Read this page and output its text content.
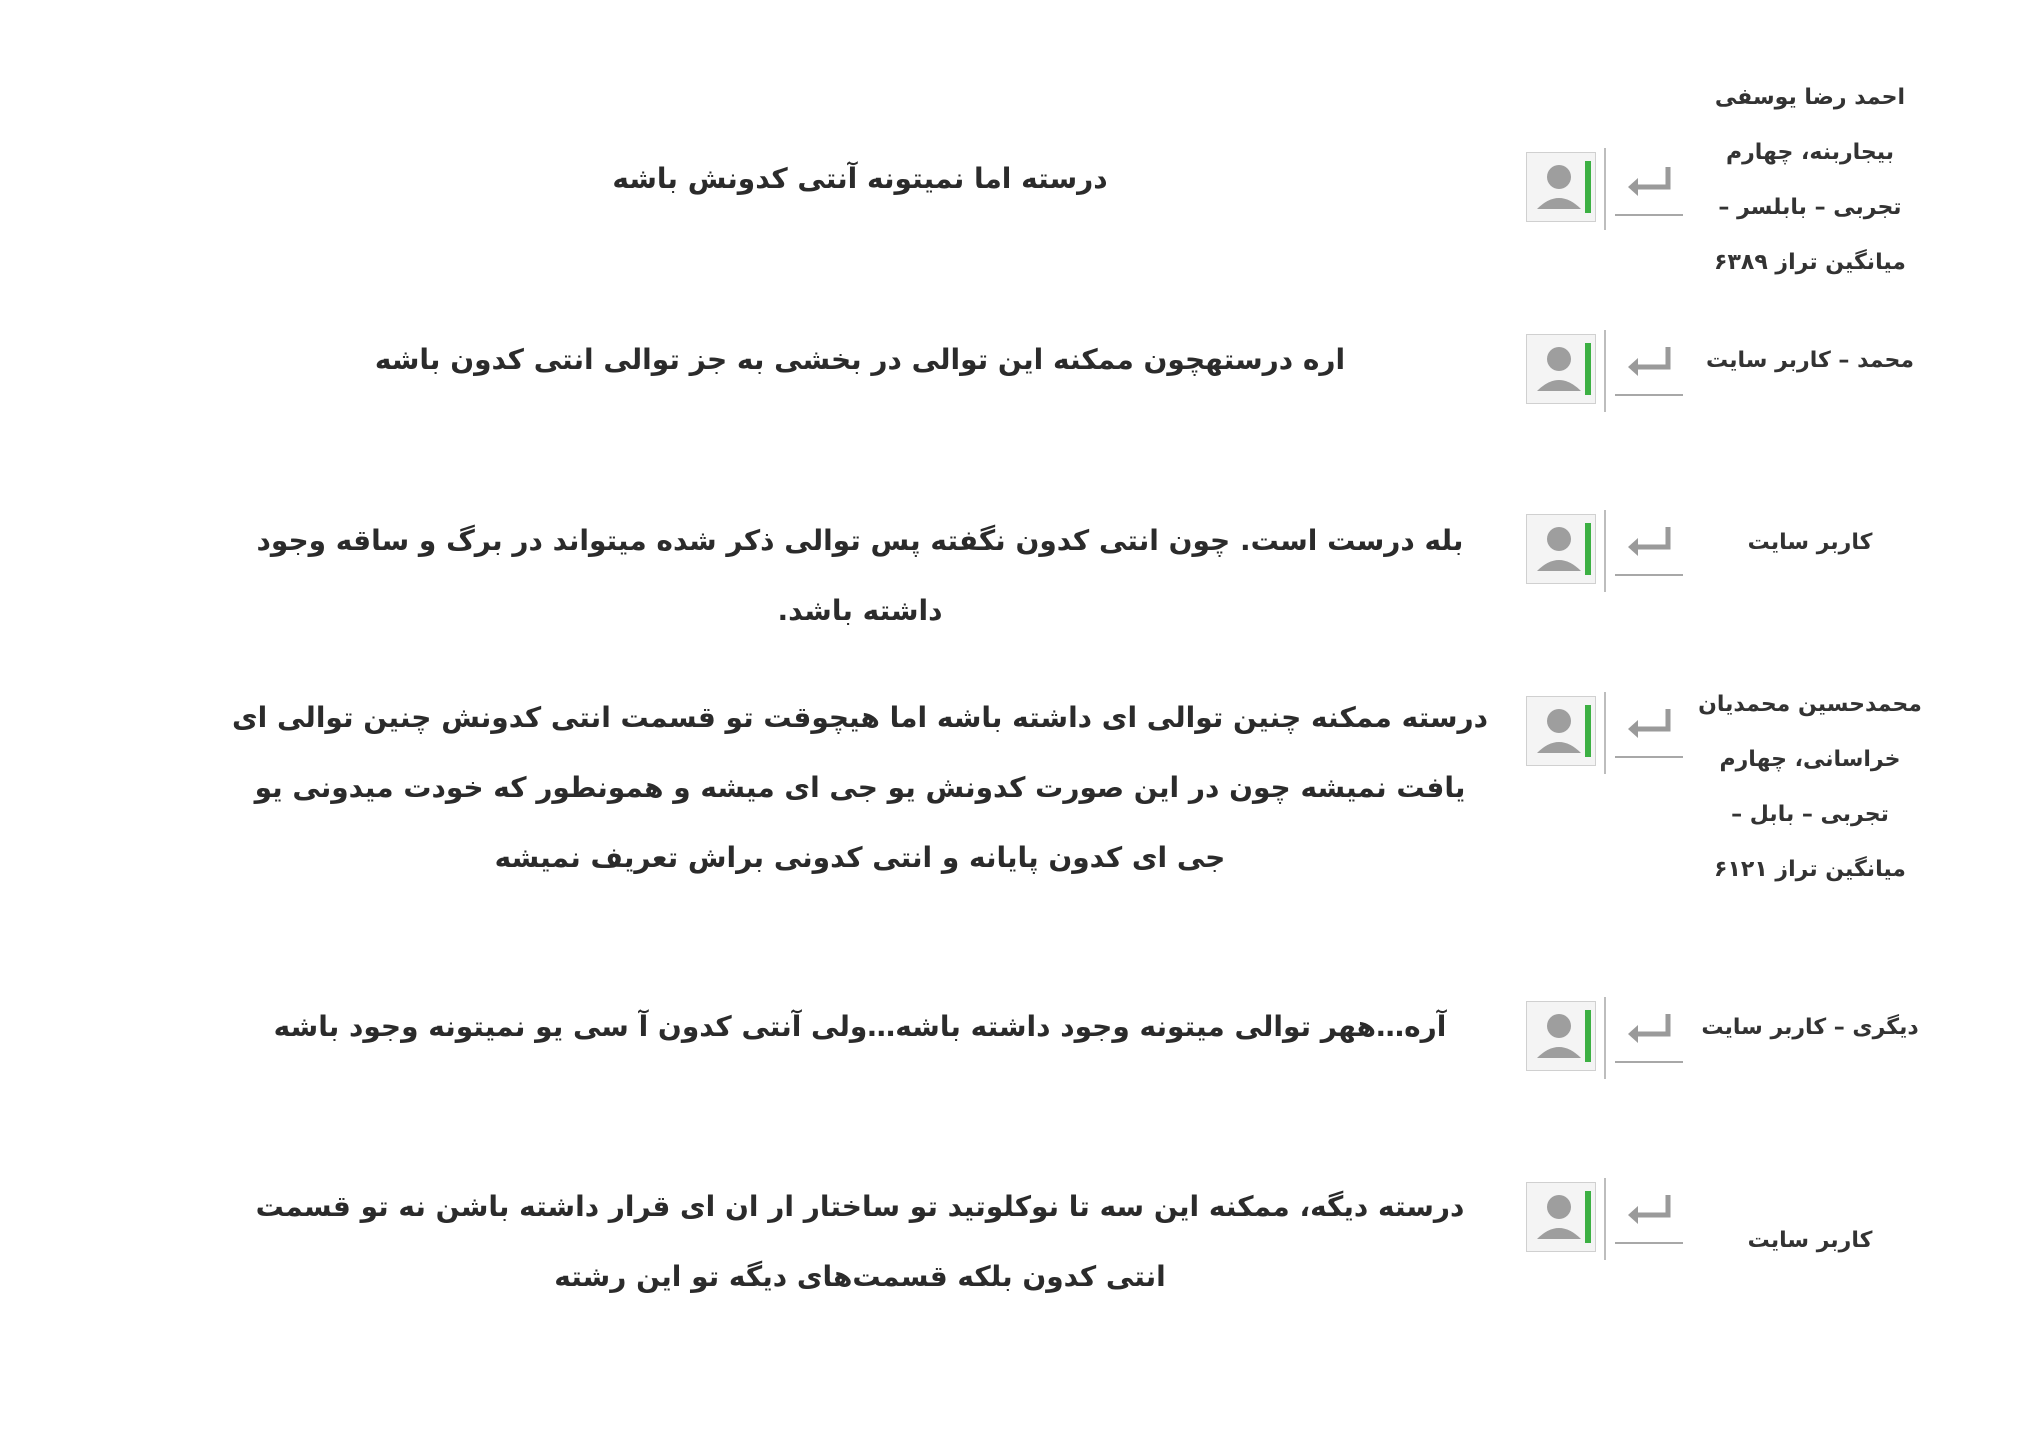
احمد رضا یوسفی بیجاربنه، چهارم تجربی – بابلسر – میانگین تراز ۶۳۸۹
درسته اما نمیتونه آنتی کدونش باشه
محمد – کاربر سایت
اره درستهچون ممکنه این توالی در بخشی به جز توالی انتی کدون باشه
کاربر سایت
بله درست است. چون انتی کدون نگفته پس توالی ذکر شده میتواند در برگ و ساقه وجود داشته باشد.
محمدحسین محمدیان خراسانی، چهارم تجربی – بابل – میانگین تراز ۶۱۲۱
درسته ممکنه چنین توالی ای داشته باشه اما هیچوقت تو قسمت انتی کدونش چنین توالی ای یافت نمیشه چون در این صورت کدونش یو جی ای میشه و همونطور که خودت میدونی یو جی ای کدون پایانه و انتی کدونی براش تعریف نمیشه
دیگری – کاربر سایت
آره…ههر توالی میتونه وجود داشته باشه…ولی آنتی کدون آ سی یو نمیتونه وجود باشه
کاربر سایت
درسته دیگه، ممکنه این سه تا نوکلوتید تو ساختار ار ان ای قرار داشته باشن نه تو قسمت انتی کدون بلکه قسمت‌های دیگه تو این رشته
